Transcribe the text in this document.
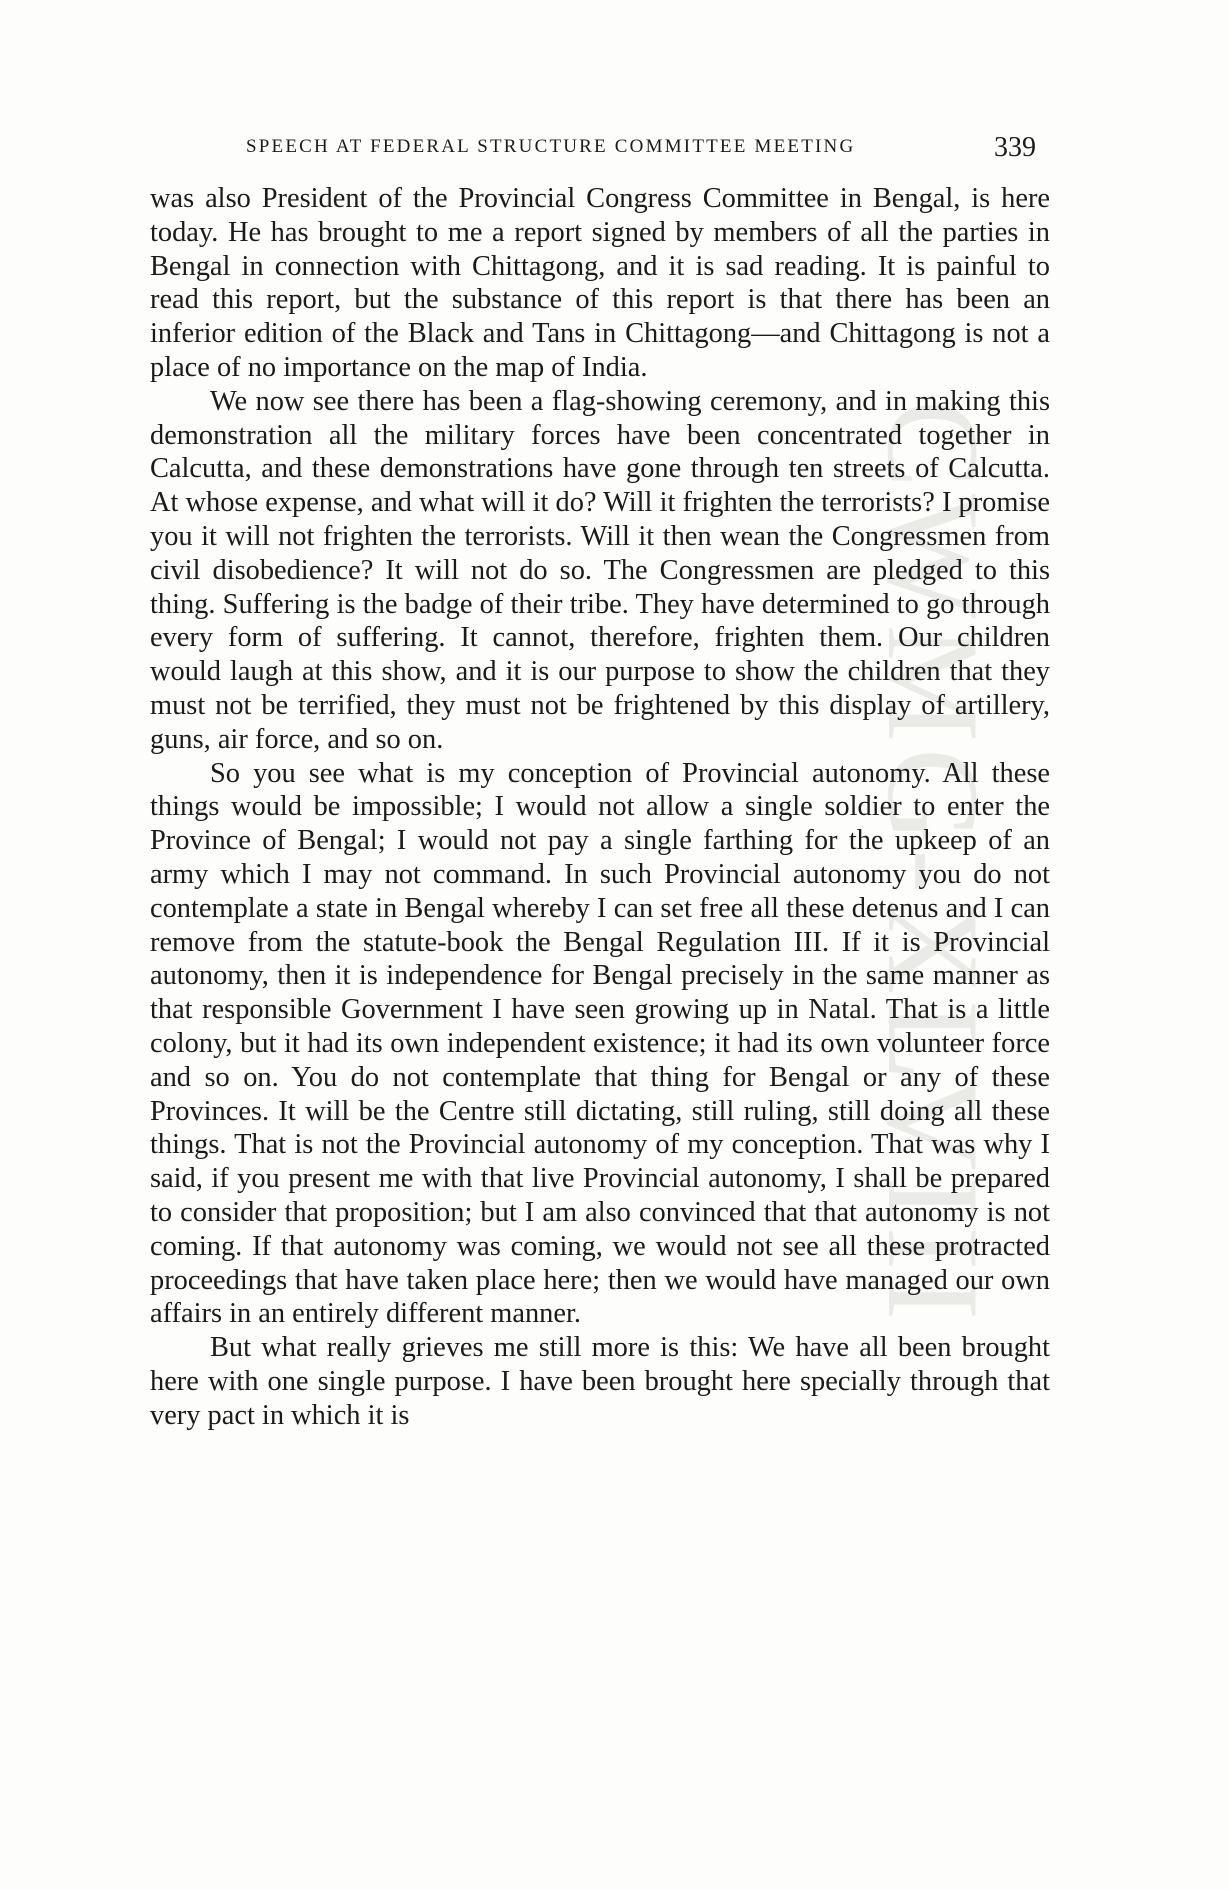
CWMG-XLVIII
SPEECH AT FEDERAL STRUCTURE COMMITTEE MEETING	339

was also President of the Provincial Congress Committee in Bengal, is here today. He has brought to me a report signed by members of all the parties in Bengal in connection with Chittagong, and it is sad reading. It is painful to read this report, but the substance of this report is that there has been an inferior edition of the Black and Tans in Chittagong—and Chittagong is not a place of no importance on the map of India.

We now see there has been a flag-showing ceremony, and in making this demonstration all the military forces have been concentrated together in Calcutta, and these demonstrations have gone through ten streets of Calcutta. At whose expense, and what will it do? Will it frighten the terrorists? I promise you it will not frighten the terrorists. Will it then wean the Congressmen from civil disobedience? It will not do so. The Congressmen are pledged to this thing. Suffering is the badge of their tribe. They have determined to go through every form of suffering. It cannot, therefore, frighten them. Our children would laugh at this show, and it is our purpose to show the children that they must not be terrified, they must not be frightened by this display of artillery, guns, air force, and so on.

So you see what is my conception of Provincial autonomy. All these things would be impossible; I would not allow a single soldier to enter the Province of Bengal; I would not pay a single farthing for the upkeep of an army which I may not command. In such Provincial autonomy you do not contemplate a state in Bengal whereby I can set free all these detenus and I can remove from the statute-book the Bengal Regulation III. If it is Provincial autonomy, then it is independence for Bengal precisely in the same manner as that responsible Government I have seen growing up in Natal. That is a little colony, but it had its own independent existence; it had its own volunteer force and so on. You do not contemplate that thing for Bengal or any of these Provinces. It will be the Centre still dictating, still ruling, still doing all these things. That is not the Provincial autonomy of my conception. That was why I said, if you present me with that live Provincial autonomy, I shall be prepared to consider that proposition; but I am also convinced that that autonomy is not coming. If that autonomy was coming, we would not see all these protracted proceedings that have taken place here; then we would have managed our own affairs in an entirely different manner.

But what really grieves me still more is this: We have all been brought here with one single purpose. I have been brought here specially through that very pact in which it is
